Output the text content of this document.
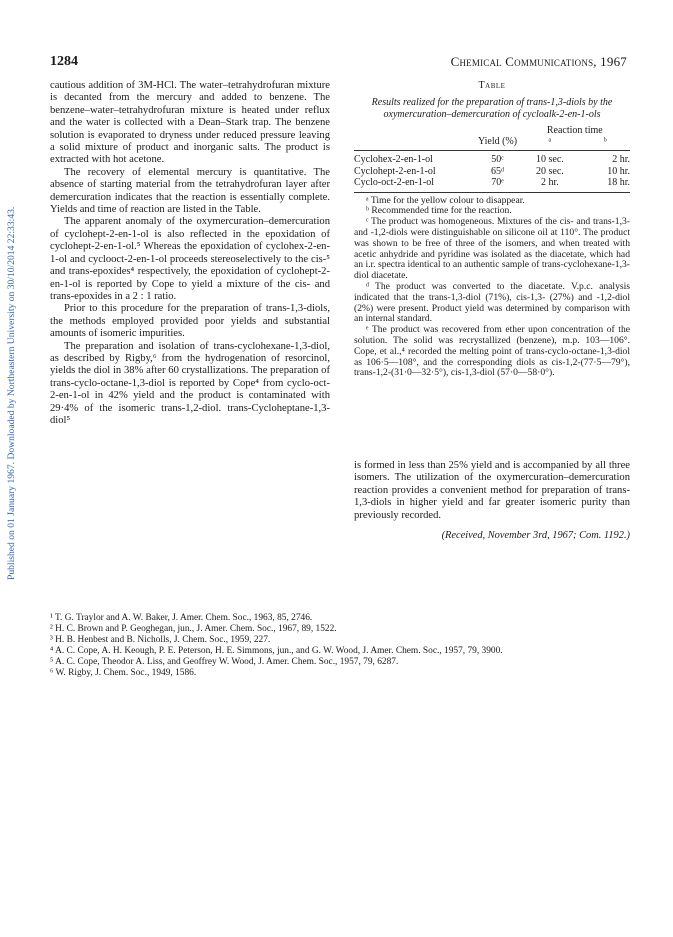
1284	Chemical Communications, 1967
Published on 01 January 1967. Downloaded by Northeastern University on 30/10/2014 22:33:43.

cautious addition of 3M-HCl. The water–tetrahydrofuran mixture is decanted from the mercury and added to benzene. The benzene–water–tetrahydrofuran mixture is heated under reflux and the water is collected with a Dean–Stark trap. The benzene solution is evaporated to dryness under reduced pressure leaving a solid mixture of product and inorganic salts. The product is extracted with hot acetone.

The recovery of elemental mercury is quantitative. The absence of starting material from the tetrahydrofuran layer after demercuration indicates that the reaction is essentially complete. Yields and time of reaction are listed in the Table.

The apparent anomaly of the oxymercuration–demercuration of cyclohept-2-en-1-ol is also reflected in the epoxidation of cyclohept-2-en-1-ol.⁵ Whereas the epoxidation of cyclohex-2-en-1-ol and cyclooct-2-en-1-ol proceeds stereoselectively to the cis-⁵ and trans-epoxides⁴ respectively, the epoxidation of cyclohept-2-en-1-ol is reported by Cope to yield a mixture of the cis- and trans-epoxides in a 2 : 1 ratio.

Prior to this procedure for the preparation of trans-1,3-diols, the methods employed provided poor yields and substantial amounts of isomeric impurities.

The preparation and isolation of trans-cyclohexane-1,3-diol, as described by Rigby,⁶ from the hydrogenation of resorcinol, yields the diol in 38% after 60 crystallizations. The preparation of trans-cyclo-octane-1,3-diol is reported by Cope⁴ from cyclo-oct-2-en-1-ol in 42% yield and the product is contaminated with 29·4% of the isomeric trans-1,2-diol. trans-Cycloheptane-1,3-diol⁵

Table
Results realized for the preparation of trans-1,3-diols by the oxymercuration–demercuration of cycloalk-2-en-1-ols
		Reaction time	
	Yield (%)	ᵃ	ᵇ

Cyclohex-2-en-1-ol	50ᶜ	10 sec.	2 hr.
Cyclohept-2-en-1-ol	65ᵈ	20 sec.	10 hr.
Cyclo-oct-2-en-1-ol	70ᵉ	2 hr.	18 hr.

ᵃ Time for the yellow colour to disappear.

ᵇ Recommended time for the reaction.

ᶜ The product was homogeneous. Mixtures of the cis- and trans-1,3- and -1,2-diols were distinguishable on silicone oil at 110°. The product was shown to be free of three of the isomers, and when treated with acetic anhydride and pyridine was isolated as the diacetate, which had an i.r. spectra identical to an authentic sample of trans-cyclohexane-1,3-diol diacetate.

ᵈ The product was converted to the diacetate. V.p.c. analysis indicated that the trans-1,3-diol (71%), cis-1,3- (27%) and -1,2-diol (2%) were present. Product yield was determined by comparison with an internal standard.

ᵉ The product was recovered from ether upon concentration of the solution. The solid was recrystallized (benzene), m.p. 103—106°. Cope, et al.,⁴ recorded the melting point of trans-cyclo-octane-1,3-diol as 106·5—108°, and the corresponding diols as cis-1,2-(77·5—79°), trans-1,2-(31·0—32·5°), cis-1,3-diol (57·0—58·0°).

is formed in less than 25% yield and is accompanied by all three isomers. The utilization of the oxymercuration–demercuration reaction provides a convenient method for preparation of trans-1,3-diols in higher yield and far greater isomeric purity than previously recorded.

(Received, November 3rd, 1967; Com. 1192.)
¹ T. G. Traylor and A. W. Baker, J. Amer. Chem. Soc., 1963, 85, 2746.
² H. C. Brown and P. Geoghegan, jun., J. Amer. Chem. Soc., 1967, 89, 1522.
³ H. B. Henbest and B. Nicholls, J. Chem. Soc., 1959, 227.
⁴ A. C. Cope, A. H. Keough, P. E. Peterson, H. E. Simmons, jun., and G. W. Wood, J. Amer. Chem. Soc., 1957, 79, 3900.
⁵ A. C. Cope, Theodor A. Liss, and Geoffrey W. Wood, J. Amer. Chem. Soc., 1957, 79, 6287.
⁶ W. Rigby, J. Chem. Soc., 1949, 1586.
